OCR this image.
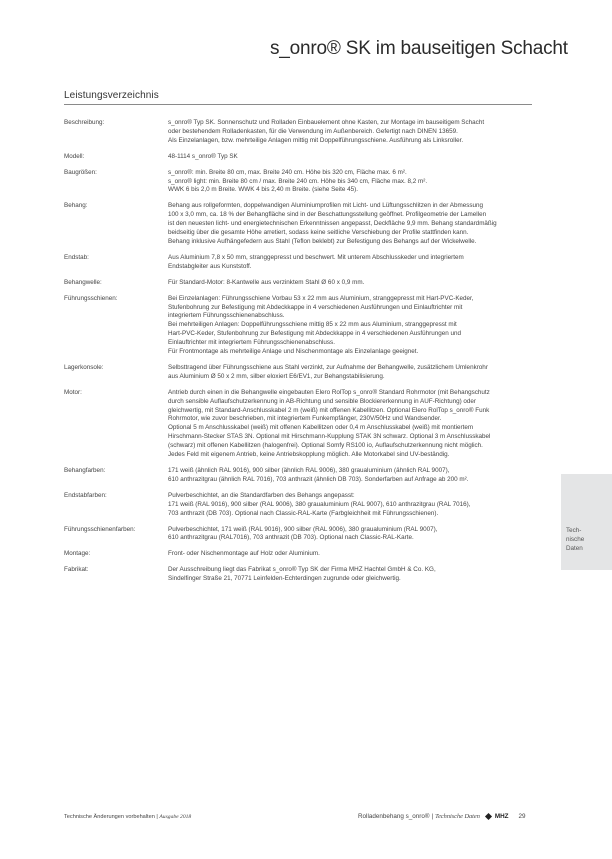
s_onro® SK im bauseitigen Schacht
Leistungsverzeichnis
Beschreibung:	s_onro® Typ SK. Sonnenschutz und Rolladen Einbauelement ohne Kasten, zur Montage im bauseitigem Schacht
oder bestehendem Rolladenkasten, für die Verwendung im Außenbereich. Gefertigt nach DINEN 13659.
Als Einzelanlagen, bzw. mehrteilige Anlagen mittig mit Doppelführungsschiene. Ausführung als Linksroller.
Modell:	48-1114 s_onro® Typ SK
Baugrößen:	s_onro®: min. Breite 80 cm, max. Breite 240 cm. Höhe bis 320 cm, Fläche max. 6 m².
s_onro® light: min. Breite 80 cm / max. Breite 240 cm. Höhe bis 340 cm, Fläche max. 8,2 m².
WWK 6 bis 2,0 m Breite. WWK 4 bis 2,40 m Breite. (siehe Seite 45).
Behang:	Behang aus rollgeformten, doppelwandigen Aluminiumprofilen mit Licht- und Lüftungsschlitzen in der Abmessung
100 x 3,0 mm, ca. 18 % der Behangfläche sind in der Beschattungsstellung geöffnet. Profilgeometrie der Lamellen
ist den neuesten licht- und energietechnischen Erkenntnissen angepasst, Deckfläche 9,9 mm. Behang standardmäßig
beidseitig über die gesamte Höhe arretiert, sodass keine seitliche Verschiebung der Profile stattfinden kann.
Behang inklusive Aufhängefedern aus Stahl (Teflon beklebt) zur Befestigung des Behangs auf der Wickelwelle.
Endstab:	Aus Aluminium 7,8 x 50 mm, stranggepresst und beschwert. Mit unterem Abschlusskeder und integriertem
Endstabgleiter aus Kunststoff.
Behangwelle:	Für Standard-Motor: 8-Kantwelle aus verzinktem Stahl Ø 60 x 0,9 mm.
Führungsschienen:	Bei Einzelanlagen: Führungsschiene Vorbau 53 x 22 mm aus Aluminium, stranggepresst mit Hart-PVC-Keder,
Stufenbohrung zur Befestigung mit Abdeckkappe in 4 verschiedenen Ausführungen und Einlauftrichter mit
integriertem Führungsschienenabschluss.
Bei mehrteiligen Anlagen: Doppelführungsschiene mittig 85 x 22 mm aus Aluminium, stranggepresst mit
Hart-PVC-Keder, Stufenbohrung zur Befestigung mit Abdeckkappe in 4 verschiedenen Ausführungen und
Einlauftrichter mit integriertem Führungsschienenabschluss.
Für Frontmontage als mehrteilige Anlage und Nischenmontage als Einzelanlage geeignet.
Lagerkonsole:	Selbsttragend über Führungsschiene aus Stahl verzinkt, zur Aufnahme der Behangwelle, zusätzlichem Umlenkrohr
aus Aluminium Ø 50 x 2 mm, silber eloxiert E6/EV1, zur Behangstabilisierung.
Motor:	Antrieb durch einen in die Behangwelle eingebauten Elero RolTop s_onro® Standard Rohrmotor (mit Behangschutz
durch sensible Auflaufschutzerkennung in AB-Richtung und sensible Blockiererkennung in AUF-Richtung) oder
gleichwertig, mit Standard-Anschlusskabel 2 m (weiß) mit offenen Kabellitzen. Optional Elero RolTop s_onro® Funk
Rohrmotor, wie zuvor beschrieben, mit integriertem Funkempfänger, 230V/50Hz und Wandsender.
Optional 5 m Anschlusskabel (weiß) mit offenen Kabellitzen oder 0,4 m Anschlusskabel (weiß) mit montiertem
Hirschmann-Stecker STAS 3N. Optional mit Hirschmann-Kupplung STAK 3N schwarz. Optional 3 m Anschlusskabel
(schwarz) mit offenen Kabellitzen (halogenfrei). Optional Somfy RS100 io, Auflaufschutzerkennung nicht möglich.
Jedes Feld mit eigenem Antrieb, keine Antriebskopplung möglich. Alle Motorkabel sind UV-beständig.
Behangfarben:	171 weiß (ähnlich RAL 9016), 900 silber (ähnlich RAL 9006), 380 graualuminium (ähnlich RAL 9007),
610 anthrazitgrau (ähnlich RAL 7016), 703 anthrazit (ähnlich DB 703). Sonderfarben auf Anfrage ab 200 m².
Endstabfarben:	Pulverbeschichtet, an die Standardfarben des Behangs angepasst:
171 weiß (RAL 9016), 900 silber (RAL 9006), 380 graualuminium (RAL 9007), 610 anthrazitgrau (RAL 7016),
703 anthrazit (DB 703). Optional nach Classic-RAL-Karte (Farbgleichheit mit Führungsschienen).
Führungsschienenfarben:	Pulverbeschichtet, 171 weiß (RAL 9016), 900 silber (RAL 9006), 380 graualuminium (RAL 9007),
610 anthrazitgrau (RAL7016), 703 anthrazit (DB 703). Optional nach Classic-RAL-Karte.
Montage:	Front- oder Nischenmontage auf Holz oder Aluminium.
Fabrikat:	Der Ausschreibung liegt das Fabrikat s_onro® Typ SK der Firma MHZ Hachtel GmbH & Co. KG,
Sindelfinger Straße 21, 70771 Leinfelden-Echterdingen zugrunde oder gleichwertig.
Tech-
nische
Daten
Technische Änderungen vorbehalten | Ausgabe 2018	Rolladenbehang s_onro® | Technische Daten MHZ 29
